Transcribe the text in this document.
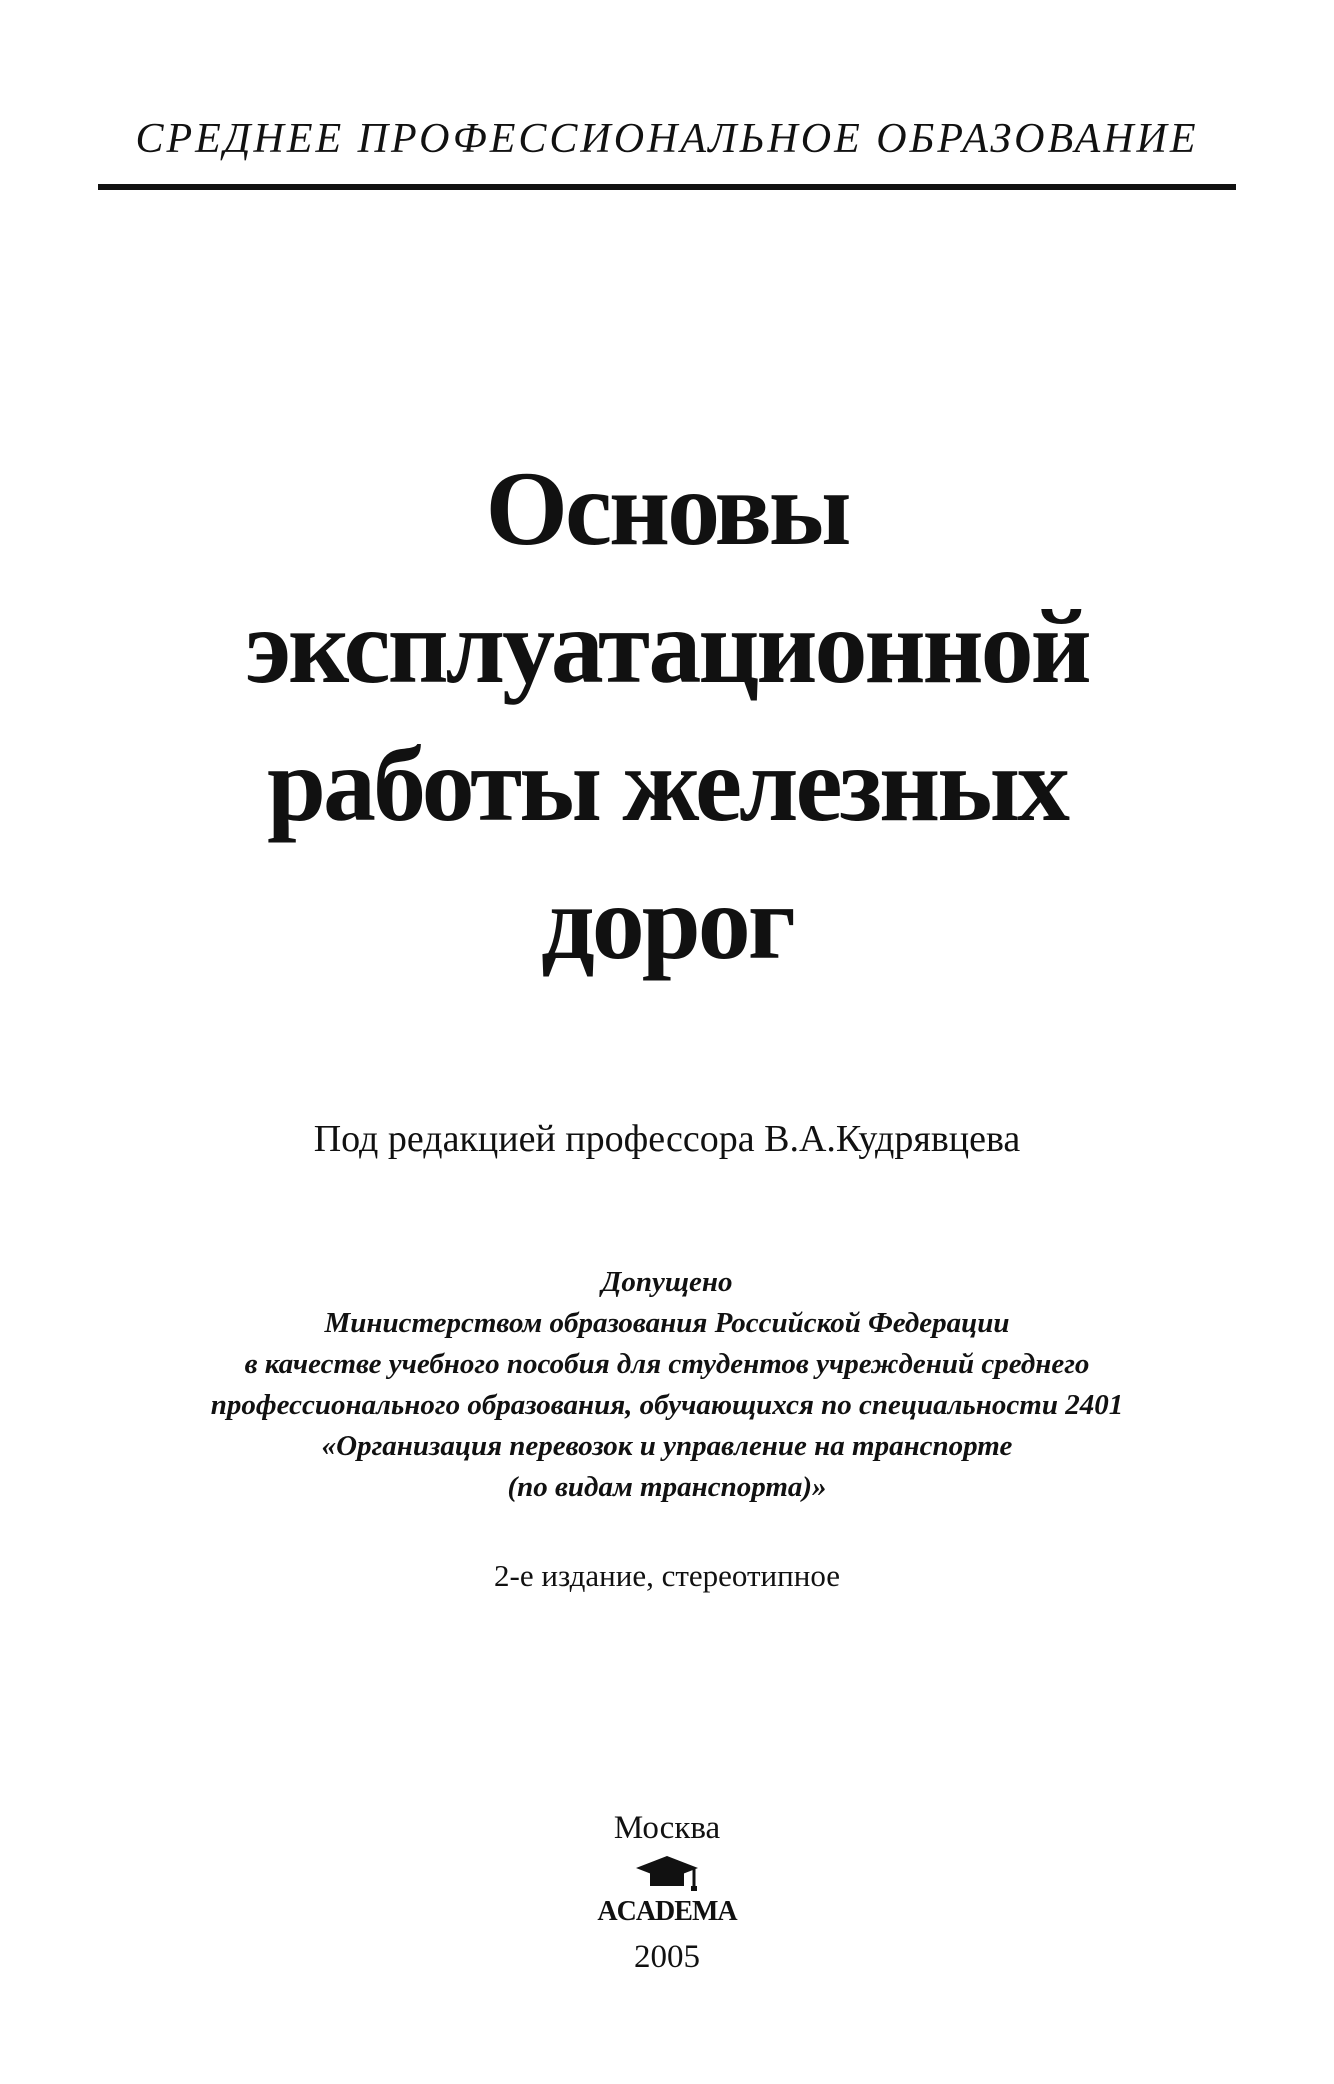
СРЕДНЕЕ ПРОФЕССИОНАЛЬНОЕ ОБРАЗОВАНИЕ
Основы
эксплуатационной
работы железных
дорог
Под редакцией профессора В.А.Кудрявцева
Допущено
Министерством образования Российской Федерации
в качестве учебного пособия для студентов учреждений среднего
профессионального образования, обучающихся по специальности 2401
«Организация перевозок и управление на транспорте
(по видам транспорта)»
2-е издание, стереотипное
Москва
ACADEMA
2005
